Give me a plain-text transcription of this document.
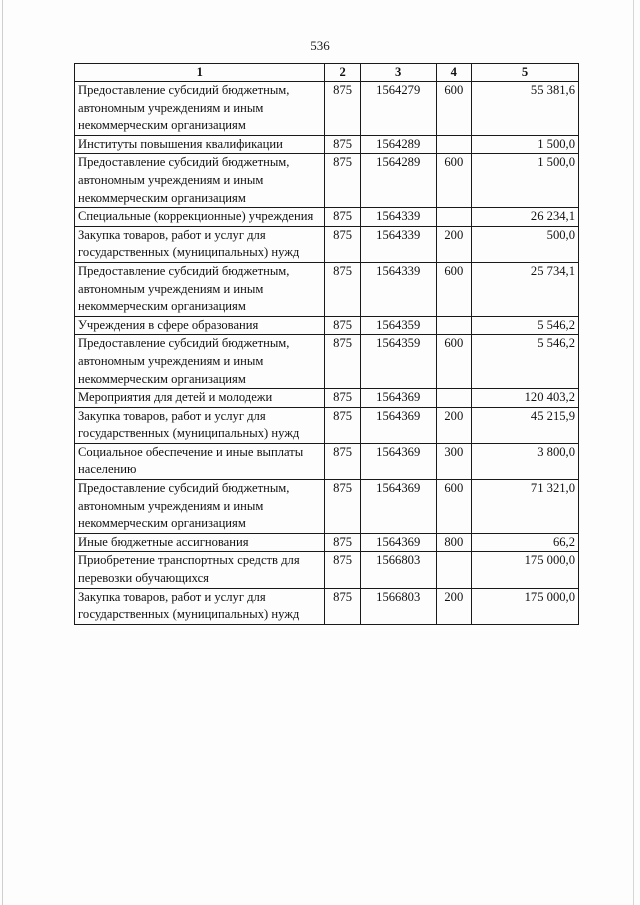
536
1	2	3	4	5
Предоставление субсидий бюджетным, автономным учреждениям и иным некоммерческим организациям	875	1564279	600	55 381,6
Институты повышения квалификации	875	1564289		1 500,0
Предоставление субсидий бюджетным, автономным учреждениям и иным некоммерческим организациям	875	1564289	600	1 500,0
Специальные (коррекционные) учреждения	875	1564339		26 234,1
Закупка товаров, работ и услуг для государственных (муниципальных) нужд	875	1564339	200	500,0
Предоставление субсидий бюджетным, автономным учреждениям и иным некоммерческим организациям	875	1564339	600	25 734,1
Учреждения в сфере образования	875	1564359		5 546,2
Предоставление субсидий бюджетным, автономным учреждениям и иным некоммерческим организациям	875	1564359	600	5 546,2
Мероприятия для детей и молодежи	875	1564369		120 403,2
Закупка товаров, работ и услуг для государственных (муниципальных) нужд	875	1564369	200	45 215,9
Социальное обеспечение и иные выплаты населению	875	1564369	300	3 800,0
Предоставление субсидий бюджетным, автономным учреждениям и иным некоммерческим организациям	875	1564369	600	71 321,0
Иные бюджетные ассигнования	875	1564369	800	66,2
Приобретение транспортных средств для перевозки обучающихся	875	1566803		175 000,0
Закупка товаров, работ и услуг для государственных (муниципальных) нужд	875	1566803	200	175 000,0
